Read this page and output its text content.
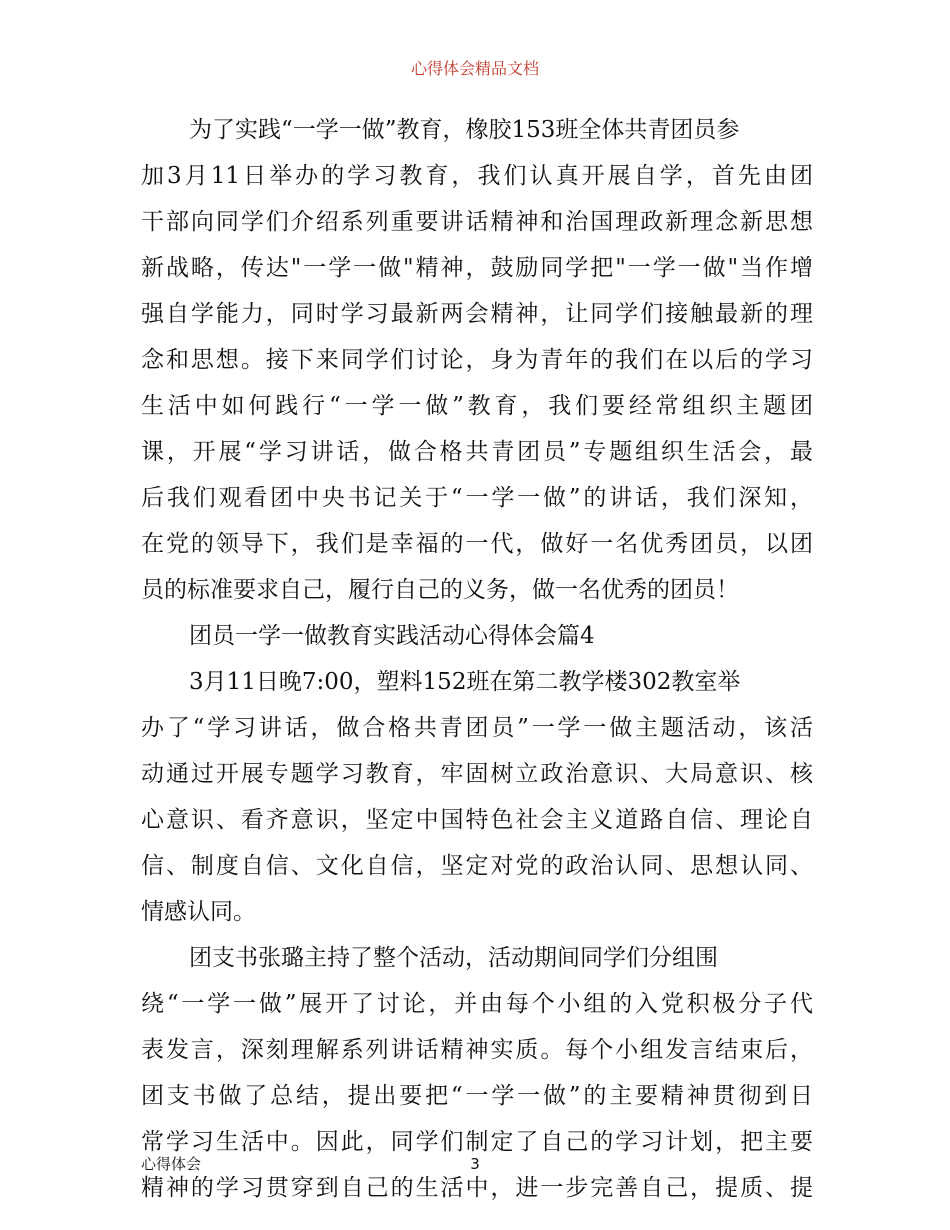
心得体会精品文档
为了实践“一学一做”教育，橡胶153班全体共青团员参
加3月11日举办的学习教育，我们认真开展自学，首先由团
干部向同学们介绍系列重要讲话精神和治国理政新理念新思想
新战略，传达"一学一做"精神，鼓励同学把"一学一做"当作增
强自学能力，同时学习最新两会精神，让同学们接触最新的理
念和思想。接下来同学们讨论，身为青年的我们在以后的学习
生活中如何践行“一学一做”教育，我们要经常组织主题团
课，开展“学习讲话，做合格共青团员”专题组织生活会，最
后我们观看团中央书记关于“一学一做”的讲话，我们深知，
在党的领导下，我们是幸福的一代，做好一名优秀团员，以团
员的标准要求自己，履行自己的义务，做一名优秀的团员！
团员一学一做教育实践活动心得体会篇4
3月11日晚7:00，塑料152班在第二教学楼302教室举
办了“学习讲话，做合格共青团员”一学一做主题活动，该活
动通过开展专题学习教育，牢固树立政治意识、大局意识、核
心意识、看齐意识，坚定中国特色社会主义道路自信、理论自
信、制度自信、文化自信，坚定对党的政治认同、思想认同、
情感认同。
团支书张璐主持了整个活动，活动期间同学们分组围
绕“一学一做”展开了讨论，并由每个小组的入党积极分子代
表发言，深刻理解系列讲话精神实质。每个小组发言结束后，
团支书做了总结，提出要把“一学一做”的主要精神贯彻到日
常学习生活中。因此，同学们制定了自己的学习计划，把主要
精神的学习贯穿到自己的生活中，进一步完善自己，提质、提
心得体会	3
